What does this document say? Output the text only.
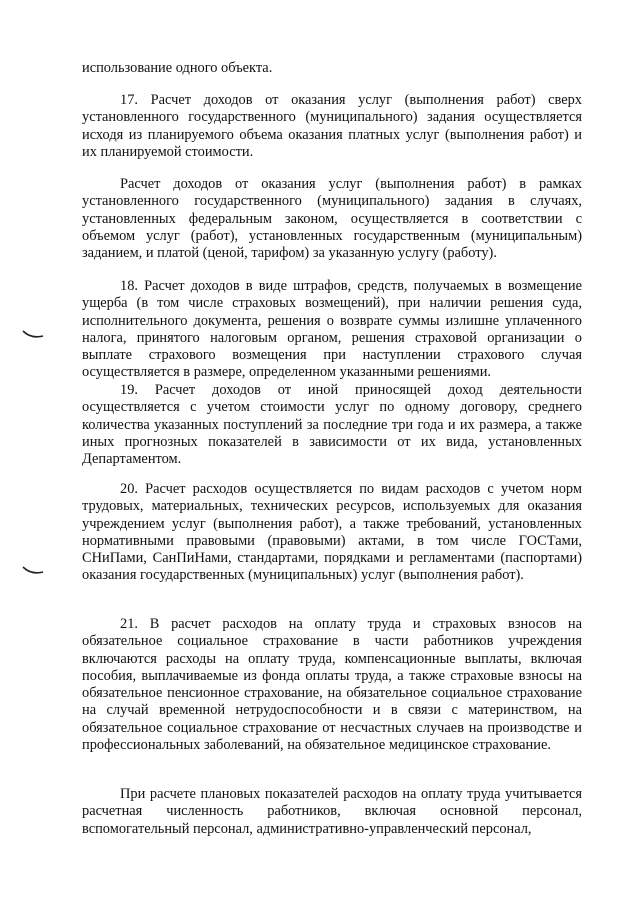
использование одного объекта.

17. Расчет доходов от оказания услуг (выполнения работ) сверх установленного государственного (муниципального) задания осуществляется исходя из планируемого объема оказания платных услуг (выполнения работ) и их планируемой стоимости.

Расчет доходов от оказания услуг (выполнения работ) в рамках установленного государственного (муниципального) задания в случаях, установленных федеральным законом, осуществляется в соответствии с объемом услуг (работ), установленных государственным (муниципальным) заданием, и платой (ценой, тарифом) за указанную услугу (работу).

18. Расчет доходов в виде штрафов, средств, получаемых в возмещение ущерба (в том числе страховых возмещений), при наличии решения суда, исполнительного документа, решения о возврате суммы излишне уплаченного налога, принятого налоговым органом, решения страховой организации о выплате страхового возмещения при наступлении страхового случая осуществляется в размере, определенном указанными решениями.

19. Расчет доходов от иной приносящей доход деятельности осуществляется с учетом стоимости услуг по одному договору, среднего количества указанных поступлений за последние три года и их размера, а также иных прогнозных показателей в зависимости от их вида, установленных Департаментом.

20. Расчет расходов осуществляется по видам расходов с учетом норм трудовых, материальных, технических ресурсов, используемых для оказания учреждением услуг (выполнения работ), а также требований, установленных нормативными правовыми (правовыми) актами, в том числе ГОСТами, СНиПами, СанПиНами, стандартами, порядками и регламентами (паспортами) оказания государственных (муниципальных) услуг (выполнения работ).

21. В расчет расходов на оплату труда и страховых взносов на обязательное социальное страхование в части работников учреждения включаются расходы на оплату труда, компенсационные выплаты, включая пособия, выплачиваемые из фонда оплаты труда, а также страховые взносы на обязательное пенсионное страхование, на обязательное социальное страхование на случай временной нетрудоспособности и в связи с материнством, на обязательное социальное страхование от несчастных случаев на производстве и профессиональных заболеваний, на обязательное медицинское страхование.

При расчете плановых показателей расходов на оплату труда учитывается расчетная численность работников, включая основной персонал, вспомогательный персонал, административно-управленческий персонал,
